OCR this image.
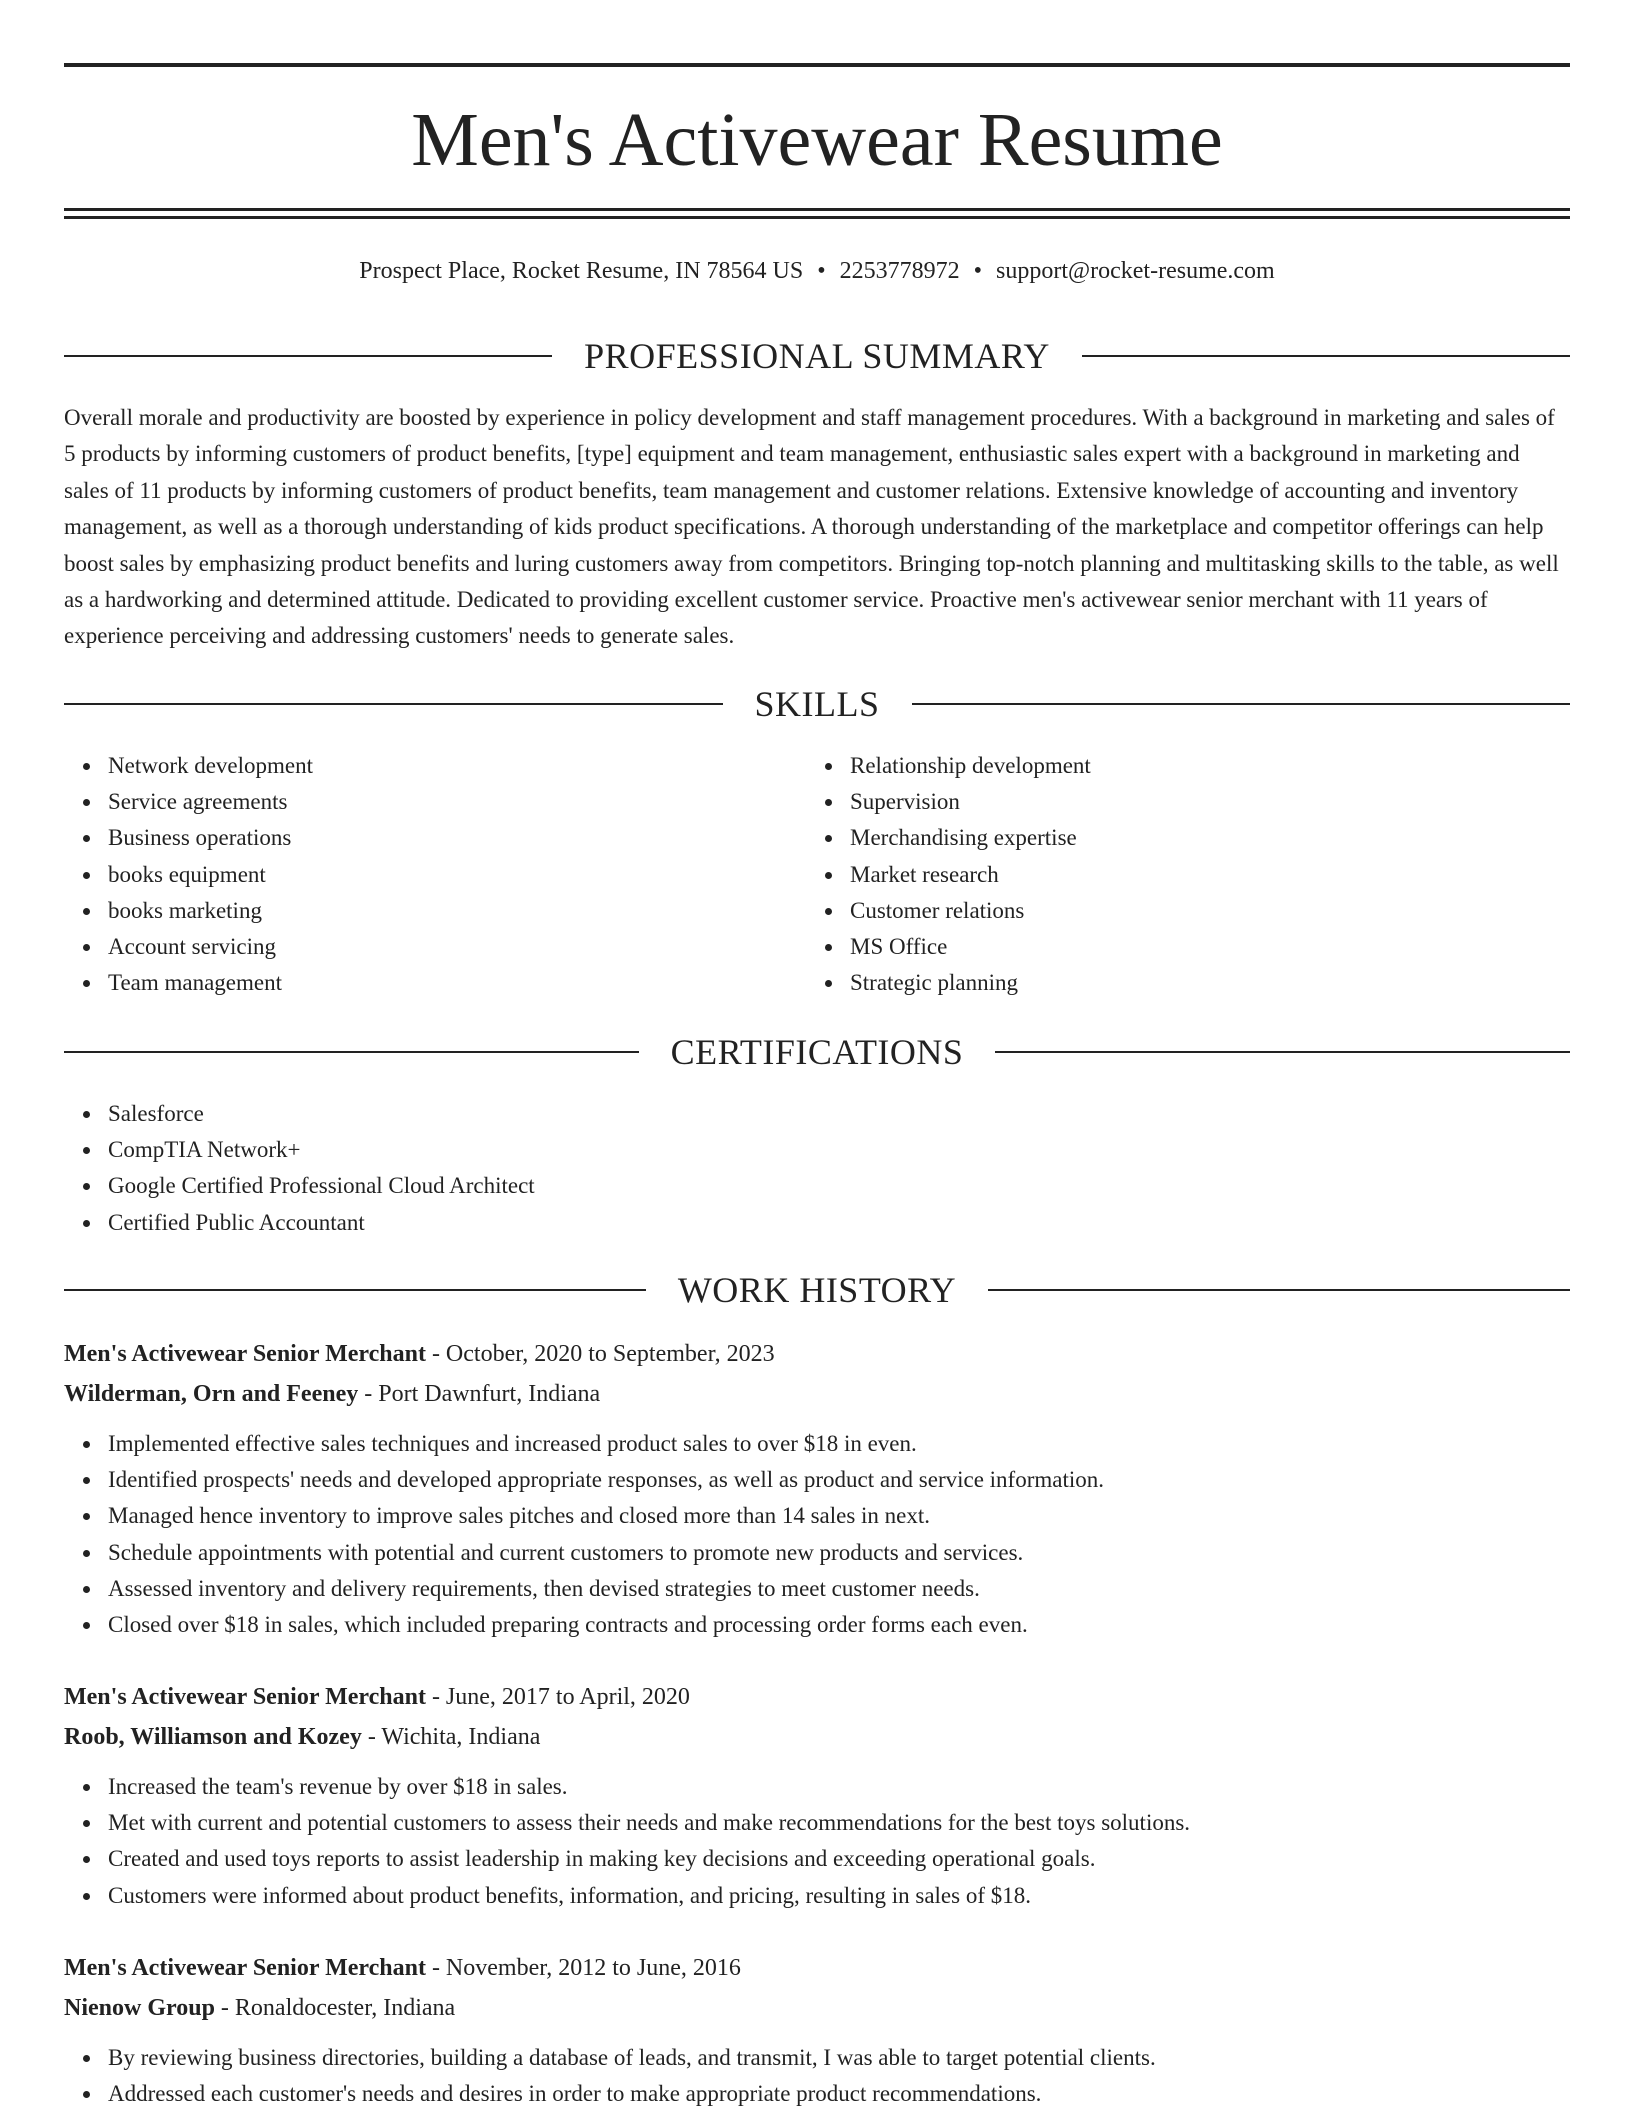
Men's Activewear Resume
Prospect Place, Rocket Resume, IN 78564 US • 2253778972 • support@rocket-resume.com
PROFESSIONAL SUMMARY

Overall morale and productivity are boosted by experience in policy development and staff management procedures. With a background in marketing and sales of 5 products by informing customers of product benefits, [type] equipment and team management, enthusiastic sales expert with a background in marketing and sales of 11 products by informing customers of product benefits, team management and customer relations. Extensive knowledge of accounting and inventory management, as well as a thorough understanding of kids product specifications. A thorough understanding of the marketplace and competitor offerings can help boost sales by emphasizing product benefits and luring customers away from competitors. Bringing top-notch planning and multitasking skills to the table, as well as a hardworking and determined attitude. Dedicated to providing excellent customer service. Proactive men's activewear senior merchant with 11 years of experience perceiving and addressing customers' needs to generate sales.

SKILLS
Network development
Service agreements
Business operations
books equipment
books marketing
Account servicing
Team management
Relationship development
Supervision
Merchandising expertise
Market research
Customer relations
MS Office
Strategic planning
CERTIFICATIONS
Salesforce
CompTIA Network+
Google Certified Professional Cloud Architect
Certified Public Accountant
WORK HISTORY
Men's Activewear Senior Merchant - October, 2020 to September, 2023
Wilderman, Orn and Feeney - Port Dawnfurt, Indiana
Implemented effective sales techniques and increased product sales to over $18 in even.
Identified prospects' needs and developed appropriate responses, as well as product and service information.
Managed hence inventory to improve sales pitches and closed more than 14 sales in next.
Schedule appointments with potential and current customers to promote new products and services.
Assessed inventory and delivery requirements, then devised strategies to meet customer needs.
Closed over $18 in sales, which included preparing contracts and processing order forms each even.
Men's Activewear Senior Merchant - June, 2017 to April, 2020
Roob, Williamson and Kozey - Wichita, Indiana
Increased the team's revenue by over $18 in sales.
Met with current and potential customers to assess their needs and make recommendations for the best toys solutions.
Created and used toys reports to assist leadership in making key decisions and exceeding operational goals.
Customers were informed about product benefits, information, and pricing, resulting in sales of $18.
Men's Activewear Senior Merchant - November, 2012 to June, 2016
Nienow Group - Ronaldocester, Indiana
By reviewing business directories, building a database of leads, and transmit, I was able to target potential clients.
Addressed each customer's needs and desires in order to make appropriate product recommendations.
